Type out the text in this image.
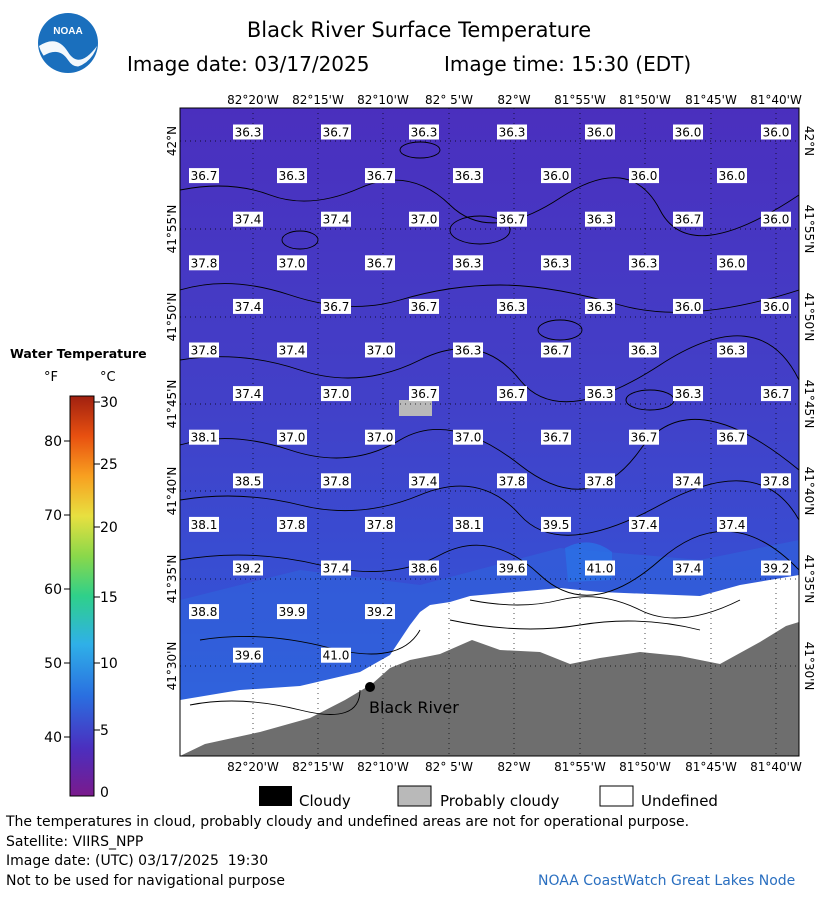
NOAA	Black River Surface Temperature
Image date: 03/17/2025	Image time: 15:30 (EDT)
36.3	36.7	36.3	36.3	36.0	36.0	36.0
36.7	36.3	36.7	36.3	36.0	36.0	36.0
37.4	37.4	37.0	36.7	36.3	36.7	36.0
37.8	37.0	36.7	36.3	36.3	36.3	36.0
37.4	36.7	36.7	36.3	36.3	36.0	36.0
37.8	37.4	37.0	36.3	36.7	36.3	36.3
37.4	37.0	36.7	36.7	36.3	36.3	36.7
38.1	37.0	37.0	37.0	36.7	36.7	36.7
38.5	37.8	37.4	37.8	37.8	37.4	37.8
38.1	37.8	37.8	38.1	39.5	37.4	37.4
39.2	37.4	38.6	39.6	41.0	37.4	39.2
38.8	39.9	39.2
39.6	41.0
Black River
82°20'W 82°15'W 82°10'W 82° 5'W 82°W 81°55'W 81°50'W 81°45'W 81°40'W
82°20'W 82°15'W 82°10'W 82° 5'W 82°W 81°55'W 81°50'W 81°45'W 81°40'W
42°N
41°55'N
41°50'N
41°45'N
41°40'N
41°35'N
41°30'N
42°N
41°55'N
41°50'N
41°45'N
41°40'N
41°35'N
41°30'N
Water Temperature
°F	°C
80
70
60
50
40
30
25
20
15
10
5
0	Cloudy	Probably cloudy	Undefined
The temperatures in cloud, probably cloudy and undefined areas are not for operational purpose.
Satellite: VIIRS_NPP
Image date: (UTC) 03/17/2025  19:30
Not to be used for navigational purpose	NOAA CoastWatch Great Lakes Node
